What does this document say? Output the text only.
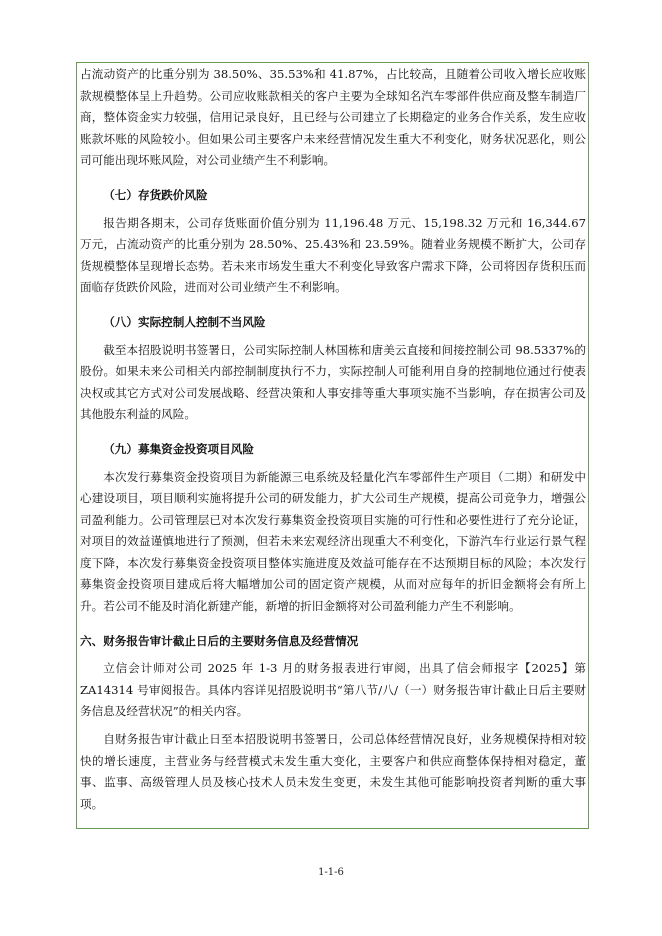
占流动资产的比重分别为 38.50%、35.53%和 41.87%，占比较高，且随着公司收入增长应收账款规模整体呈上升趋势。公司应收账款相关的客户主要为全球知名汽车零部件供应商及整车制造厂商，整体资金实力较强，信用记录良好，且已经与公司建立了长期稳定的业务合作关系，发生应收账款坏账的风险较小。但如果公司主要客户未来经营情况发生重大不利变化，财务状况恶化，则公司可能出现坏账风险，对公司业绩产生不利影响。

（七）存货跌价风险

报告期各期末，公司存货账面价值分别为 11,196.48 万元、15,198.32 万元和 16,344.67 万元，占流动资产的比重分别为 28.50%、25.43%和 23.59%。随着业务规模不断扩大，公司存货规模整体呈现增长态势。若未来市场发生重大不利变化导致客户需求下降，公司将因存货积压而面临存货跌价风险，进而对公司业绩产生不利影响。

（八）实际控制人控制不当风险

截至本招股说明书签署日，公司实际控制人林国栋和唐美云直接和间接控制公司 98.5337%的股份。如果未来公司相关内部控制制度执行不力，实际控制人可能利用自身的控制地位通过行使表决权或其它方式对公司发展战略、经营决策和人事安排等重大事项实施不当影响，存在损害公司及其他股东利益的风险。

（九）募集资金投资项目风险

本次发行募集资金投资项目为新能源三电系统及轻量化汽车零部件生产项目（二期）和研发中心建设项目，项目顺利实施将提升公司的研发能力，扩大公司生产规模，提高公司竞争力，增强公司盈利能力。公司管理层已对本次发行募集资金投资项目实施的可行性和必要性进行了充分论证，对项目的效益谨慎地进行了预测，但若未来宏观经济出现重大不利变化，下游汽车行业运行景气程度下降，本次发行募集资金投资项目整体实施进度及效益可能存在不达预期目标的风险；本次发行募集资金投资项目建成后将大幅增加公司的固定资产规模，从而对应每年的折旧金额将会有所上升。若公司不能及时消化新建产能，新增的折旧金额将对公司盈利能力产生不利影响。

六、财务报告审计截止日后的主要财务信息及经营情况

立信会计师对公司 2025 年 1-3 月的财务报表进行审阅，出具了信会师报字【2025】第 ZA14314 号审阅报告。具体内容详见招股说明书“第八节/八/（一）财务报告审计截止日后主要财务信息及经营状况”的相关内容。

自财务报告审计截止日至本招股说明书签署日，公司总体经营情况良好，业务规模保持相对较快的增长速度，主营业务与经营模式未发生重大变化，主要客户和供应商整体保持相对稳定，董事、监事、高级管理人员及核心技术人员未发生变更，未发生其他可能影响投资者判断的重大事项。

1-1-6
